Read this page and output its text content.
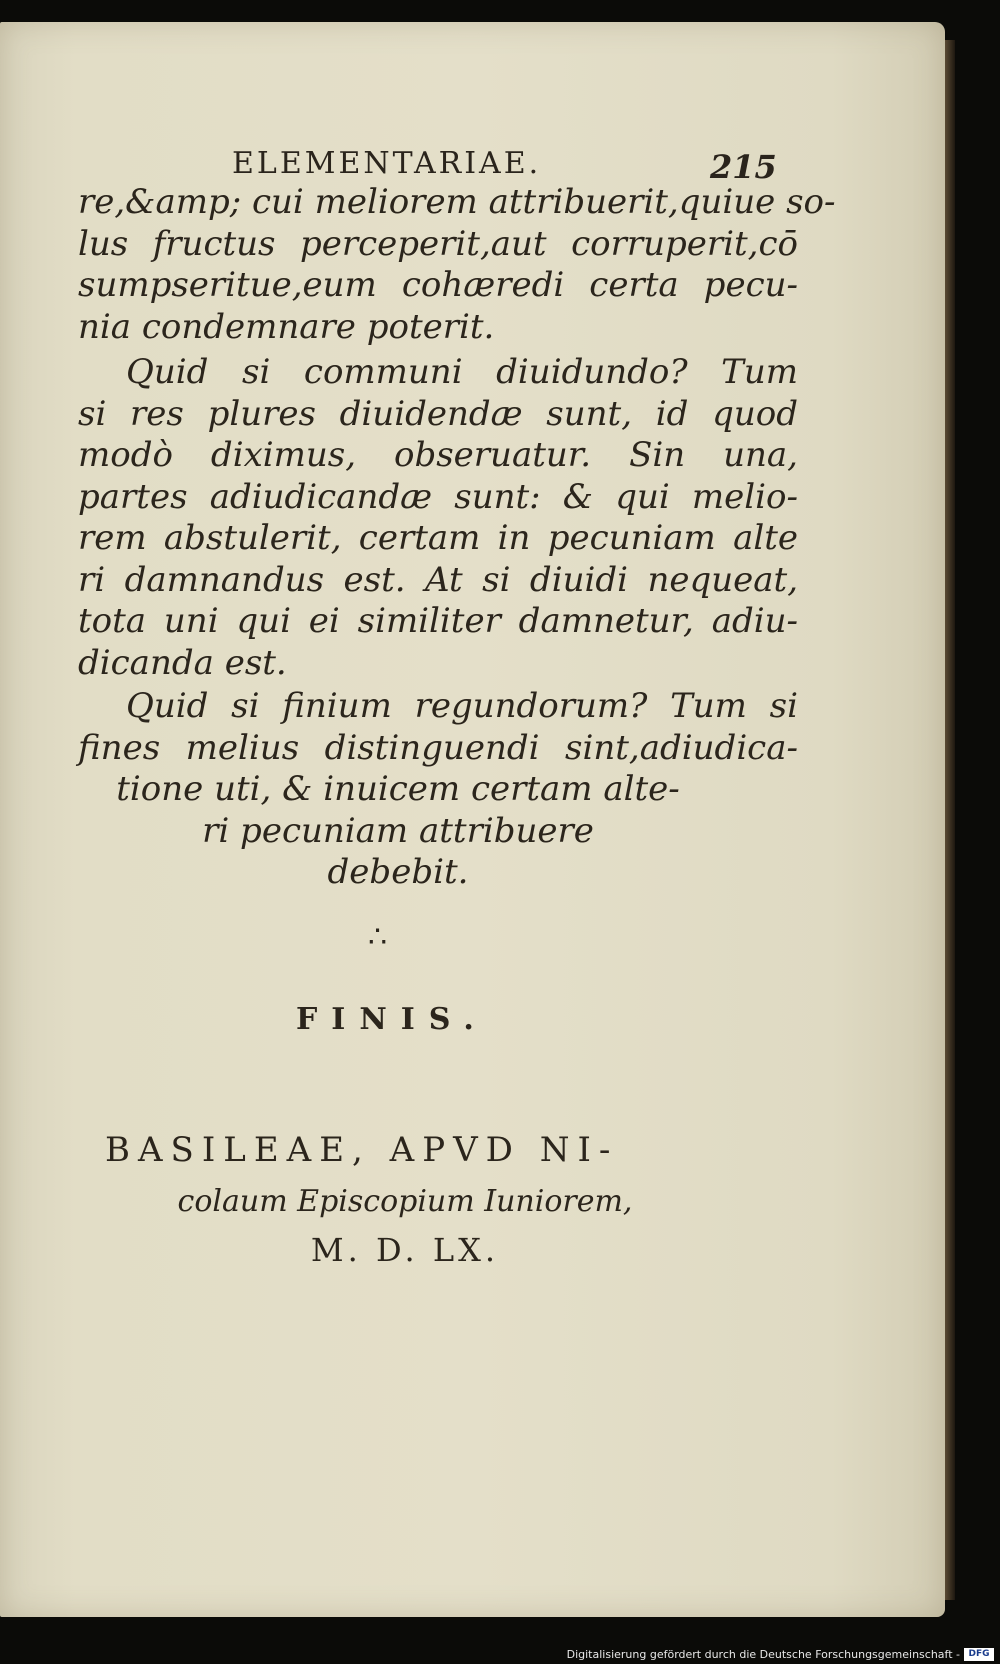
ELEMENTARIAE.	215
re,&amp; cui meliorem attribuerit,quiue so-
lus fructus perceperit,aut corruperit,cō
sumpseritue,eum cohæredi certa pecu-
nia condemnare poterit.
Quid si communi diuidundo? Tum
si res plures diuidendæ sunt, id quod
modò diximus, obseruatur. Sin una,
partes adiudicandæ sunt: & qui melio-
rem abstulerit, certam in pecuniam alte
ri damnandus est. At si diuidi nequeat,
tota uni qui ei similiter damnetur, adiu-
dicanda est.
Quid si finium regundorum? Tum si
fines melius distinguendi sint,adiudica-
tione uti, & inuicem certam alte-
ri pecuniam attribuere
debebit.
∴
FINIS.
BASILEAE, APVD NI-
colaum Episcopium Iuniorem,
M. D. LX.
Digitalisierung gefördert durch die Deutsche Forschungsgemeinschaft - DFG
